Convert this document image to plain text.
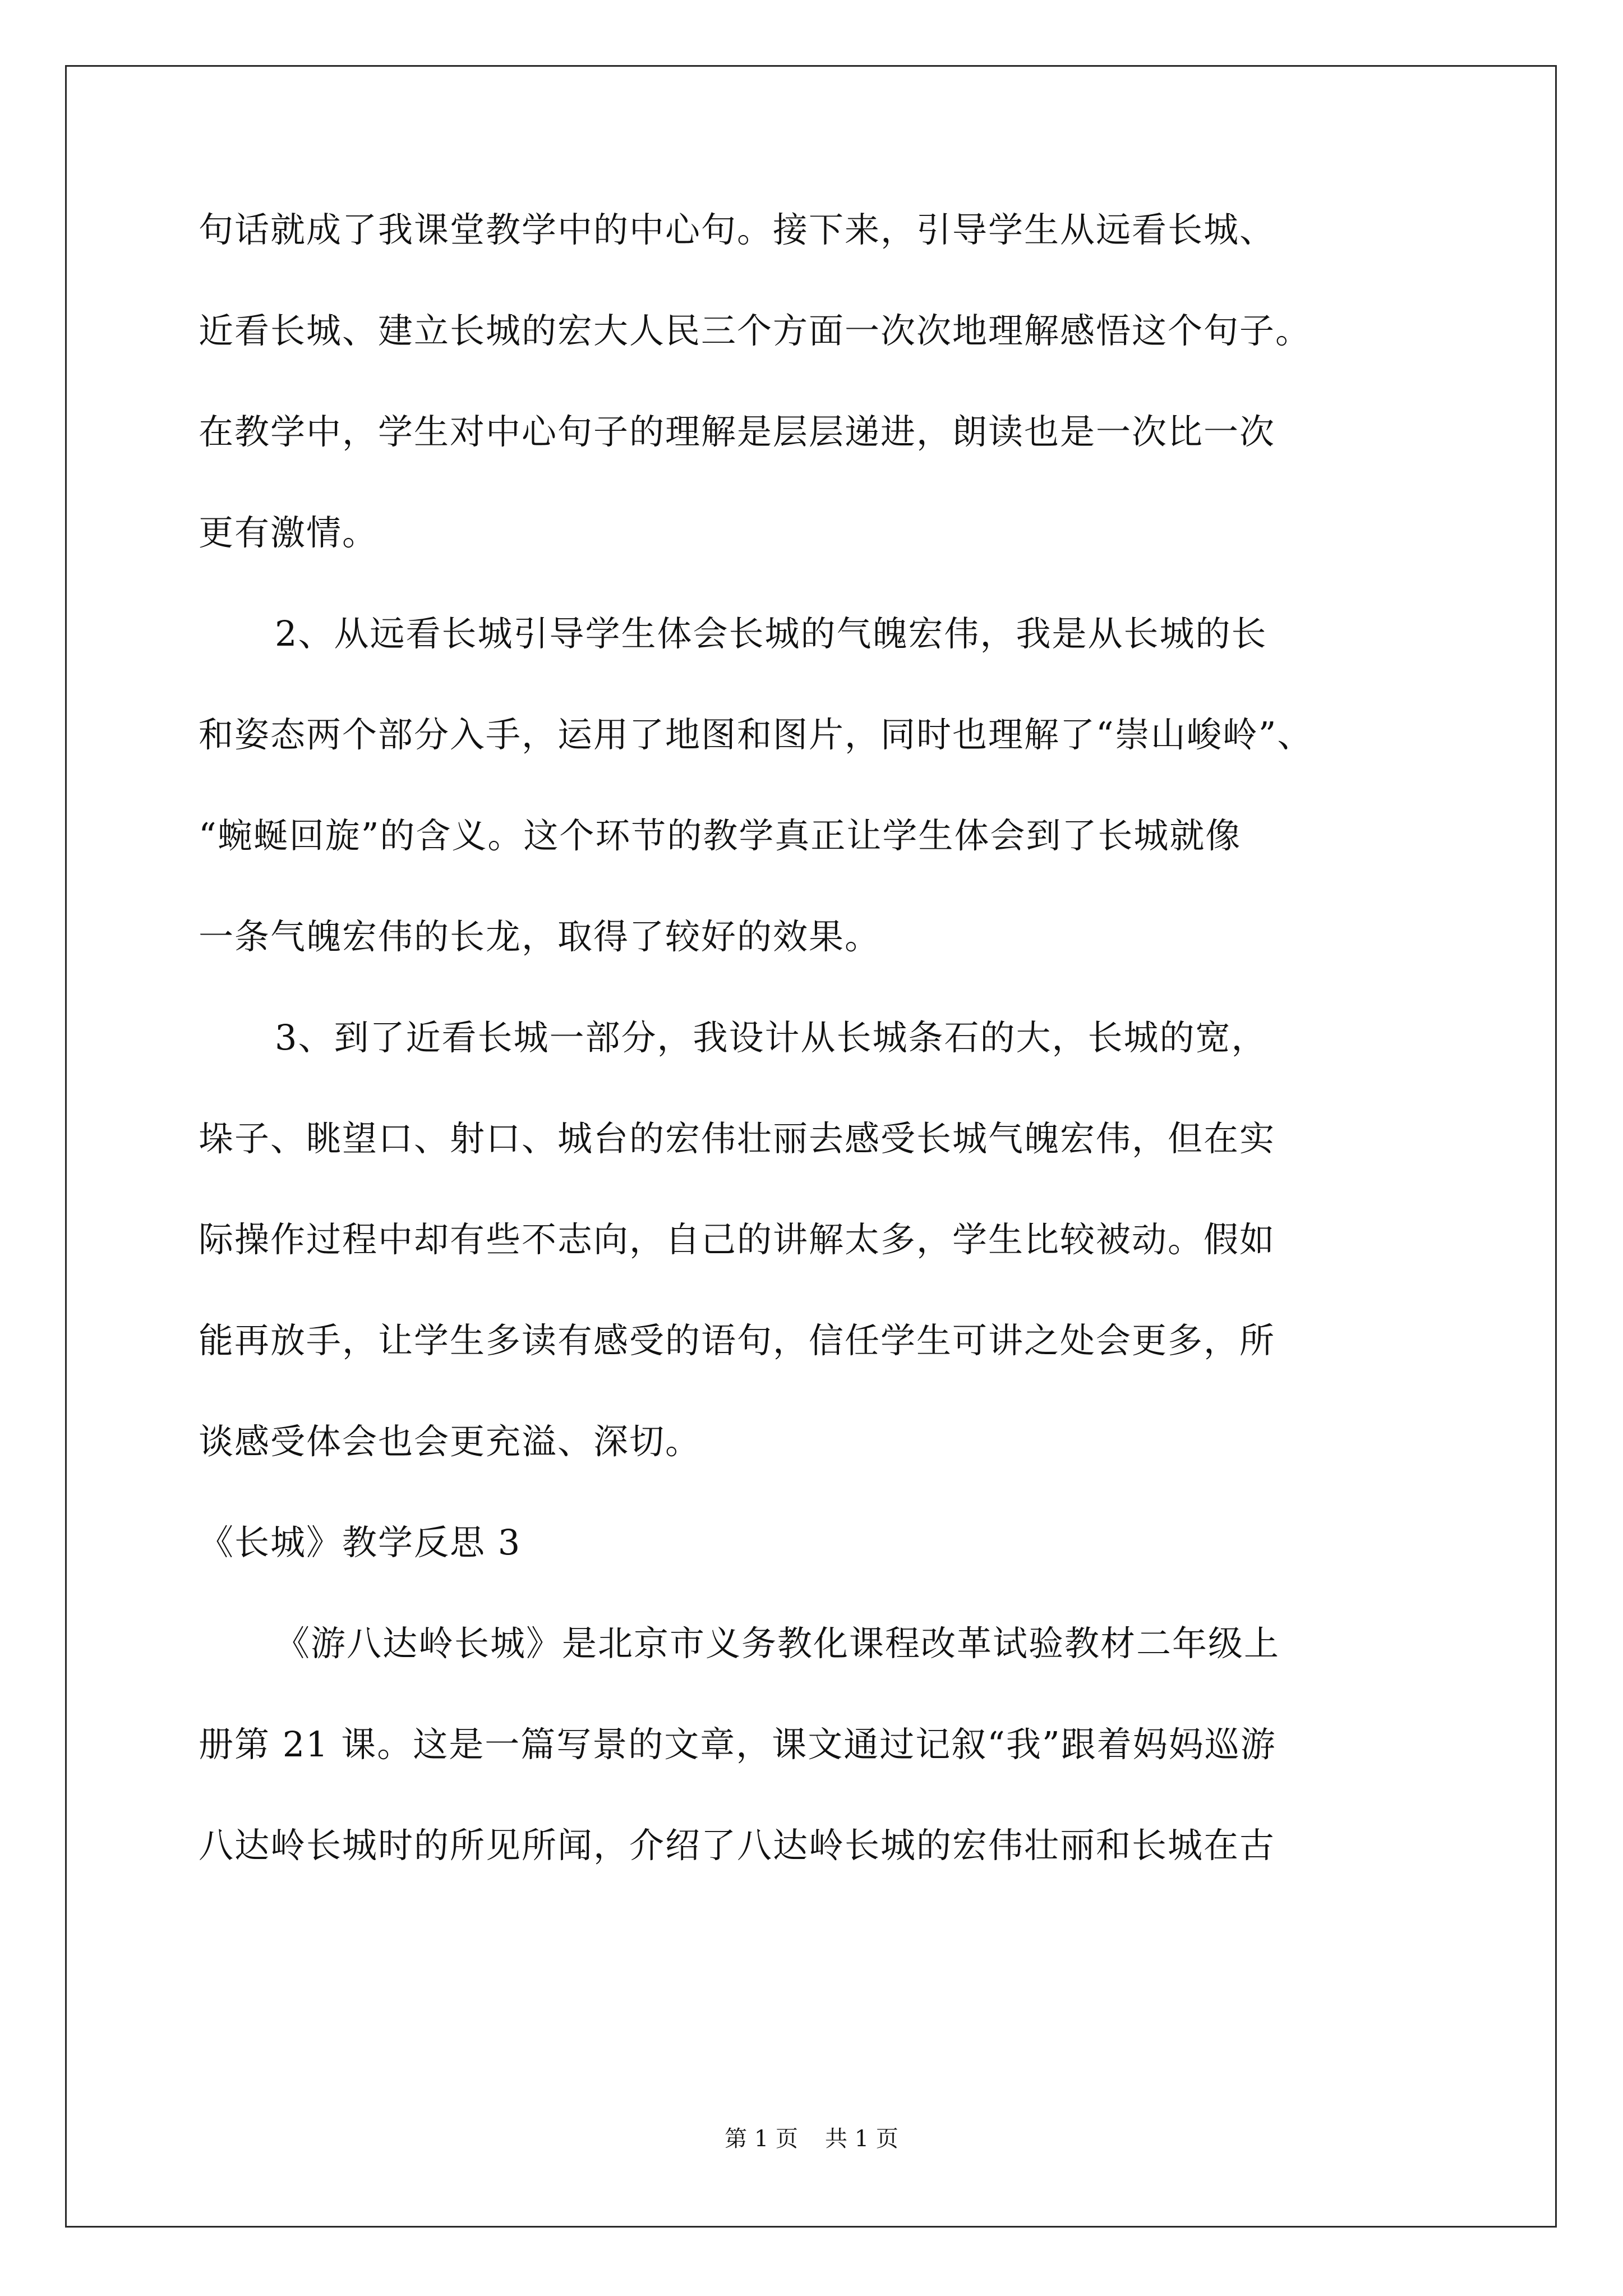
句话就成了我课堂教学中的中心句。接下来，引导学生从远看长城、
近看长城、建立长城的宏大人民三个方面一次次地理解感悟这个句子。
在教学中，学生对中心句子的理解是层层递进，朗读也是一次比一次
更有激情。
2、从远看长城引导学生体会长城的气魄宏伟，我是从长城的长
和姿态两个部分入手，运用了地图和图片，同时也理解了“崇山峻岭”、
“蜿蜒回旋”的含义。这个环节的教学真正让学生体会到了长城就像
一条气魄宏伟的长龙，取得了较好的效果。
3、到了近看长城一部分，我设计从长城条石的大，长城的宽，
垛子、眺望口、射口、城台的宏伟壮丽去感受长城气魄宏伟，但在实
际操作过程中却有些不志向，自己的讲解太多，学生比较被动。假如
能再放手，让学生多读有感受的语句，信任学生可讲之处会更多，所
谈感受体会也会更充溢、深切。
《长城》教学反思 3
《游八达岭长城》是北京市义务教化课程改革试验教材二年级上
册第 21 课。这是一篇写景的文章，课文通过记叙“我”跟着妈妈巡游
八达岭长城时的所见所闻，介绍了八达岭长城的宏伟壮丽和长城在古
第 1 页 共 1 页
